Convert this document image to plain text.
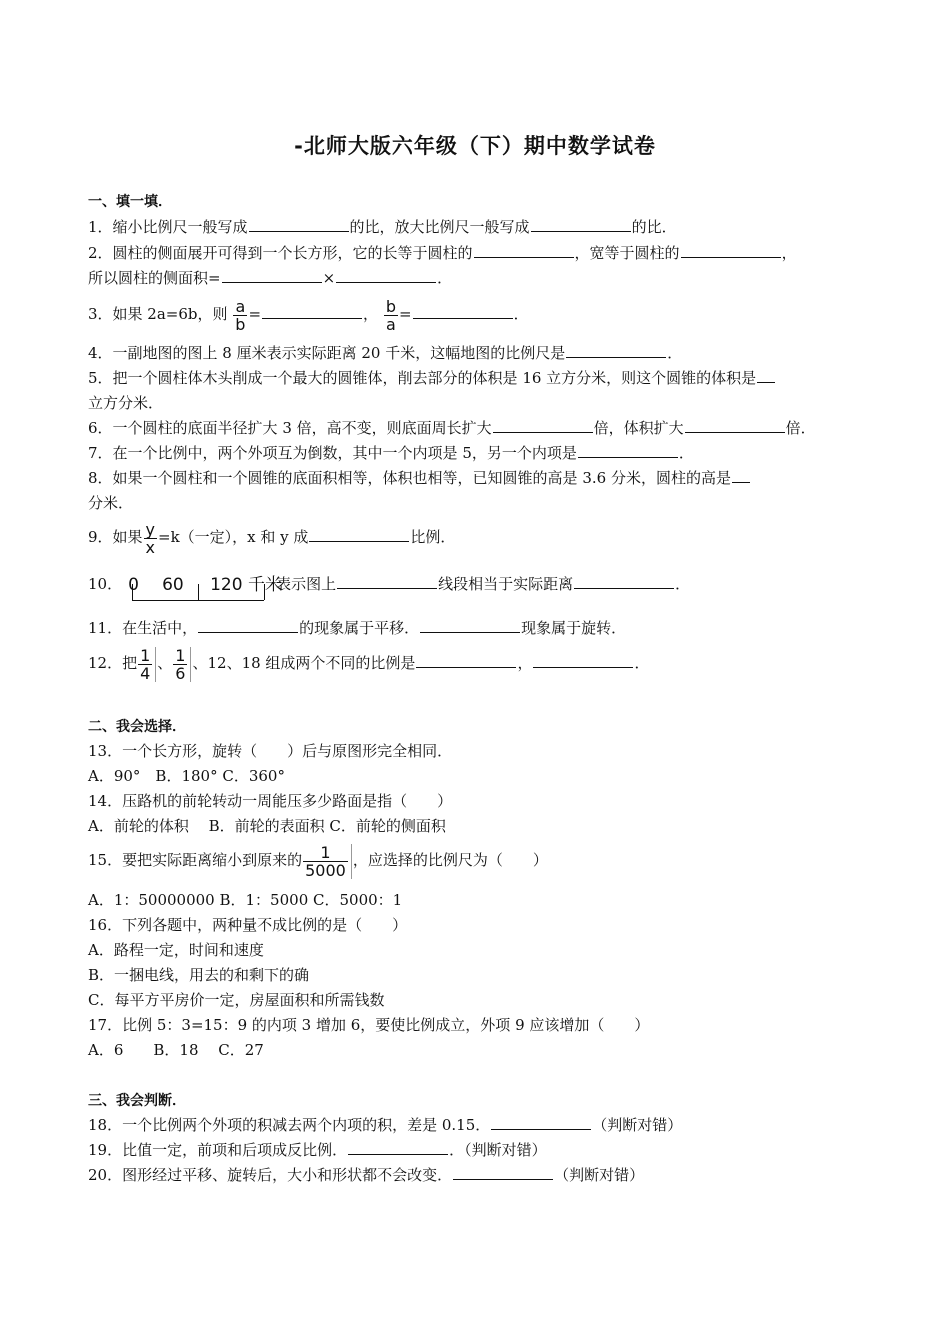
-北师大版六年级（下）期中数学试卷
一、填一填．
1．缩小比例尺一般写成	的比，放大比例尺一般写成	的比．
2．圆柱的侧面展开可得到一个长方形，它的长等于圆柱的	，宽等于圆柱的	，
所以圆柱的侧面积=	×	．
3．如果 2a=6b，则 $\frac{a}{b}$ =	， $\frac{b}{a}$ =	．
4．一副地图的图上 8 厘米表示实际距离 20 千米，这幅地图的比例尺是	．
5．把一个圆柱体木头削成一个最大的圆锥体，削去部分的体积是 16 立方分米，则这个圆锥的体积是
立方分米．
6．一个圆柱的底面半径扩大 3 倍，高不变，则底面周长扩大	倍，体积扩大	倍．
7．在一个比例中，两个外项互为倒数，其中一个内项是 5，另一个内项是	．
8．如果一个圆柱和一个圆锥的底面积相等，体积也相等，已知圆锥的高是 3.6 分米，圆柱的高是
分米．
9．如果 $\frac{y}{x} =k$（一定），x 和 y 成	比例．
10． 0 60 120 千米
表示图上	线段相当于实际距离	．
11．在生活中，	的现象属于平移．	现象属于旋转．
12．把 $\frac{1}{4}$ 、 $\frac{1}{6}$ 、12、18 组成两个不同的比例是	，	．
二、我会选择．
13．一个长方形，旋转（　　）后与原图形完全相同．
A．90°　B．180° C．360°
14．压路机的前轮转动一周能压多少路面是指（　　）
A．前轮的体积　 B．前轮的表面积 C．前轮的侧面积
15．要把实际距离缩小到原来的 $\frac{1}{5000}$ ，应选择的比例尺为（　　）
A．1：50000000 B．1：5000 C．5000：1
16．下列各题中，两种量不成比例的是（　　）
A．路程一定，时间和速度
B．一捆电线，用去的和剩下的确
C．每平方平房价一定，房屋面积和所需钱数
17．比例 5：3=15：9 的内项 3 增加 6，要使比例成立，外项 9 应该增加（　　）
A．6　　B．18　 C．27
三、我会判断．
18．一个比例两个外项的积减去两个内项的积，差是 0.15．	（判断对错）
19．比值一定，前项和后项成反比例．	．（判断对错）
20．图形经过平移、旋转后，大小和形状都不会改变．	（判断对错）
